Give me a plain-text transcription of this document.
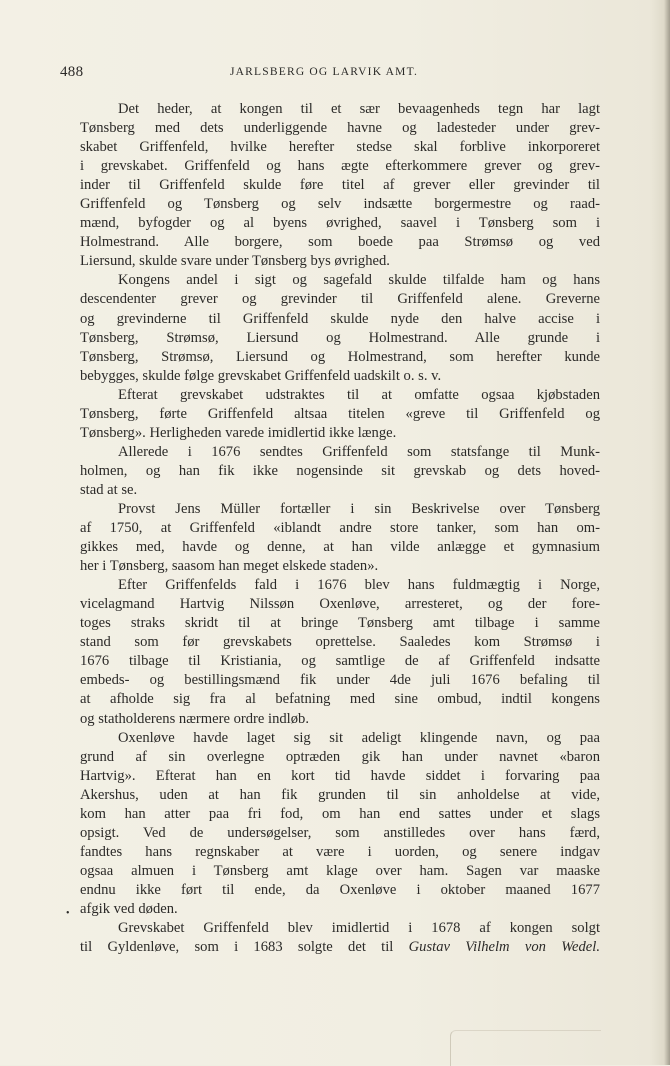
488	JARLSBERG OG LARVIK AMT.
•
Det heder, at kongen til et sær bevaagenheds tegn har lagt
Tønsberg med dets underliggende havne og ladesteder under grev-
skabet Griffenfeld, hvilke herefter stedse skal forblive inkorporeret
i grevskabet. Griffenfeld og hans ægte efterkommere grever og grev-
inder til Griffenfeld skulde føre titel af grever eller grevinder til
Griffenfeld og Tønsberg og selv indsætte borgermestre og raad-
mænd, byfogder og al byens øvrighed, saavel i Tønsberg som i
Holmestrand. Alle borgere, som boede paa Strømsø og ved
Liersund, skulde svare under Tønsberg bys øvrighed.
Kongens andel i sigt og sagefald skulde tilfalde ham og hans
descendenter grever og grevinder til Griffenfeld alene. Greverne
og grevinderne til Griffenfeld skulde nyde den halve accise i
Tønsberg, Strømsø, Liersund og Holmestrand. Alle grunde i
Tønsberg, Strømsø, Liersund og Holmestrand, som herefter kunde
bebygges, skulde følge grevskabet Griffenfeld uadskilt o. s. v.
Efterat grevskabet udstraktes til at omfatte ogsaa kjøbstaden
Tønsberg, førte Griffenfeld altsaa titelen «greve til Griffenfeld og
Tønsberg». Herligheden varede imidlertid ikke længe.
Allerede i 1676 sendtes Griffenfeld som statsfange til Munk-
holmen, og han fik ikke nogensinde sit grevskab og dets hoved-
stad at se.
Provst Jens Müller fortæller i sin Beskrivelse over Tønsberg
af 1750, at Griffenfeld «iblandt andre store tanker, som han om-
gikkes med, havde og denne, at han vilde anlægge et gymnasium
her i Tønsberg, saasom han meget elskede staden».
Efter Griffenfelds fald i 1676 blev hans fuldmægtig i Norge,
vicelagmand Hartvig Nilssøn Oxenløve, arresteret, og der fore-
toges straks skridt til at bringe Tønsberg amt tilbage i samme
stand som før grevskabets oprettelse. Saaledes kom Strømsø i
1676 tilbage til Kristiania, og samtlige de af Griffenfeld indsatte
embeds- og bestillingsmænd fik under 4de juli 1676 befaling til
at afholde sig fra al befatning med sine ombud, indtil kongens
og statholderens nærmere ordre indløb.
Oxenløve havde laget sig sit adeligt klingende navn, og paa
grund af sin overlegne optræden gik han under navnet «baron
Hartvig». Efterat han en kort tid havde siddet i forvaring paa
Akershus, uden at han fik grunden til sin anholdelse at vide,
kom han atter paa fri fod, om han end sattes under et slags
opsigt. Ved de undersøgelser, som anstilledes over hans færd,
fandtes hans regnskaber at være i uorden, og senere indgav
ogsaa almuen i Tønsberg amt klage over ham. Sagen var maaske
endnu ikke ført til ende, da Oxenløve i oktober maaned 1677
afgik ved døden.
Grevskabet Griffenfeld blev imidlertid i 1678 af kongen solgt
til Gyldenløve, som i 1683 solgte det til Gustav Vilhelm von Wedel.
